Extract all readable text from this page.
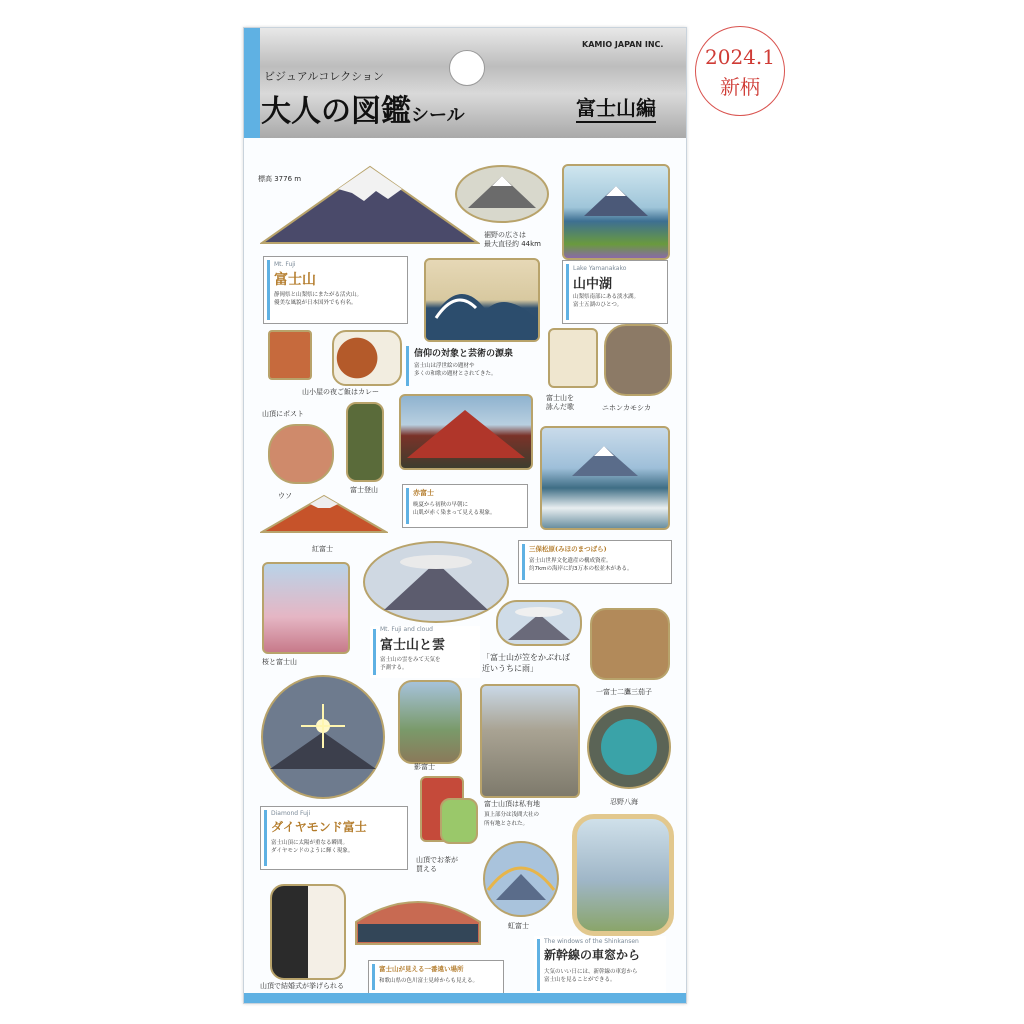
2024.1
新柄
KAMIO JAPAN INC.
ビジュアルコレクション
大人の図鑑シール	富士山編
標高 3776 m
裾野の広さは
最大直径約 44km
Mt. Fuji
富士山
静岡県と山梨県にまたがる活火山。
優美な風貌が日本国外でも有名。
Lake Yamanakako
山中湖
山梨県南部にある淡水湖。
富士五湖のひとつ。
山頂にポスト
山小屋の夜ご飯はカレー
信仰の対象と芸術の源泉
富士山は浮世絵の題材や
多くの和歌の題材とされてきた。
富士山を
詠んだ歌	ニホンカモシカ
ウソ
富士登山	赤富士
晩夏から初秋の早朝に
山肌が赤く染まって見える現象。
紅富士	三保松原(みほのまつばら)
富士山世界文化遺産の構成資産。
約7kmの海岸に約3万本の松並木がある。
桜と富士山
Mt. Fuji and cloud
富士山と雲
富士山の雲をみて天気を
予測する。
「富士山が笠をかぶれば
近いうちに雨」
一富士二鷹三茄子
影富士
富士山頂は私有地
頂上部分は浅間大社の
所有地とされた。
忍野八海
Diamond Fuji
ダイヤモンド富士
富士山頂に太陽が重なる瞬間。
ダイヤモンドのように輝く現象。
山頂でお茶が
買える
虹富士
山頂で結婚式が挙げられる
富士山が見える一番遠い場所
和歌山県の色川富士見峠からも見える。
The windows of the Shinkansen
新幹線の車窓から
大気のいい日には、新幹線の車窓から
富士山を見ることができる。
